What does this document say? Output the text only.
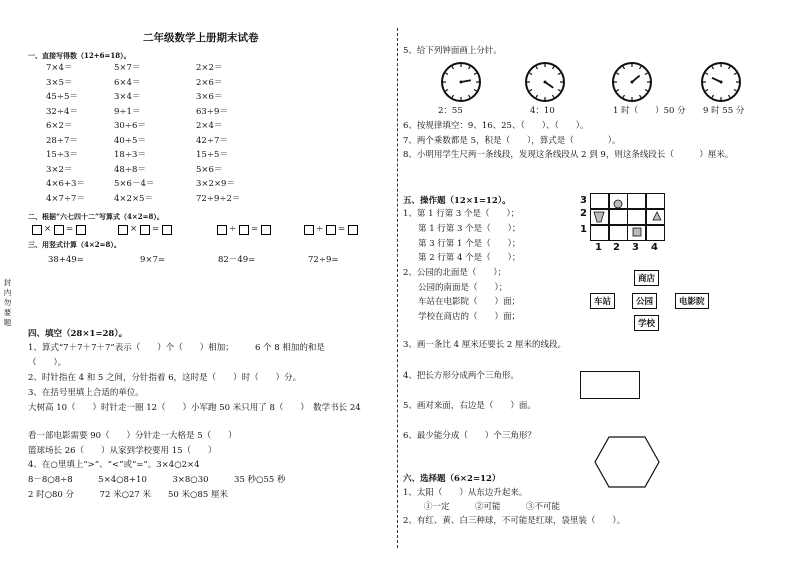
二年级数学上册期末试卷
封内勿要题
一、直接写得数（12+6=18）。
7×4＝	5×7＝	2×2＝
3×5＝	6×4＝	2×6＝
45÷5＝	3×4＝	3×6＝
32÷4＝	9÷1＝	63÷9＝
6×2＝	30÷6＝	2×4＝
28÷7＝	40÷5＝	42÷7＝
15÷3＝	18÷3＝	15÷5＝
3×2＝	48÷8＝	5×6＝
4×6+3＝	5×6－4＝	3×2×9＝
4×7÷7＝	4×2×5＝	72÷9÷2＝
二、根据“六七四十二”写算式（4×2=8）。
× =	× =	÷ =	÷ =
三、用竖式计算（4×2=8）。
38+49=	9×7=	82－49=	72÷9=
四、填空（28×1=28）。
1、算式“7＋7＋7＋7”表示（　　）个（　　）相加；　　　6 个 8 相加的和是
（　　）。
2、时针指在 4 和 5 之间，分针指着 6，这时是（　　）时（　　）分。
3、在括号里填上合适的单位。
大树高 10（　　）时针走一圈 12（　　）小军跑 50 米只用了 8（　　）　数学书长 24
看一部电影需要 90（　　）分针走一大格是 5（　　）
篮球场长 26（　　）从家到学校要用 15（　　）
4、在○里填上“>”、“<”或“=”。3×4○2×4
8－8○8÷8　　　5×4○8+10　　　3×8○30　　　35 秒○55 秒
2 时○80 分　　　72 米○27 米　　50 米○85 厘米
5、给下列钟面画上分针。
2：55	4：10	1 时（　　）50 分 9 时 55 分
6、按规律填空：9、16、25、（　　）、（　　）。
7、两个乘数都是 5，积是（　　），算式是（　　　　）。
8、小明用学生尺两一条线段，发现这条线段从 2 到 9，则这条线段长（　　　）厘米。
五、操作题（12×1=12）。
1、第 1 行第 3 个是（　　）；
第 1 行第 3 个是（　　）；
第 3 行第 1 个是（　　）；
第 2 行第 4 个是（　　）；
3
2
1
1 2 3 4
2、公园的北面是（　　）；
公园的南面是（　　）；
车站在电影院（　　）面；
学校在商店的（　　）面；
商店
车站	公园	电影院
学校
3、画一条比 4 厘米还要长 2 厘米的线段。
4、把长方形分成两个三角形。
5、画对来面，右边是（　　）面。
6、最少能分成（　　）个三角形？
六、选择题（6×2=12）
1、太阳（　　）从东边升起来。
①一定　　　②可能　　　③不可能
2、有红、黄、白三种球，不可能是红球，袋里装（　　）。
